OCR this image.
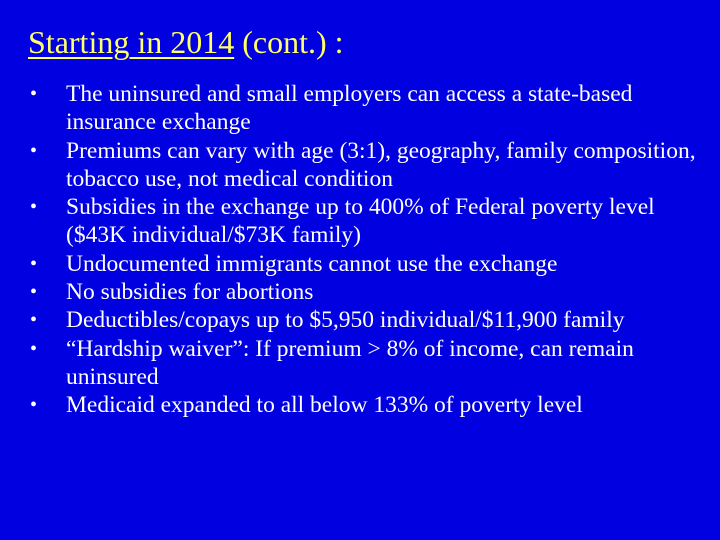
Starting in 2014 (cont.) :
• The uninsured and small employers can access a state-based insurance exchange
• Premiums can vary with age (3:1), geography, family composition, tobacco use, not medical condition
• Subsidies in the exchange up to 400% of Federal poverty level ($43K individual/$73K family)
• Undocumented immigrants cannot use the exchange
• No subsidies for abortions
• Deductibles/copays up to $5,950 individual/$11,900 family
• “Hardship waiver”: If premium > 8% of income, can remain uninsured
• Medicaid expanded to all below 133% of poverty level
